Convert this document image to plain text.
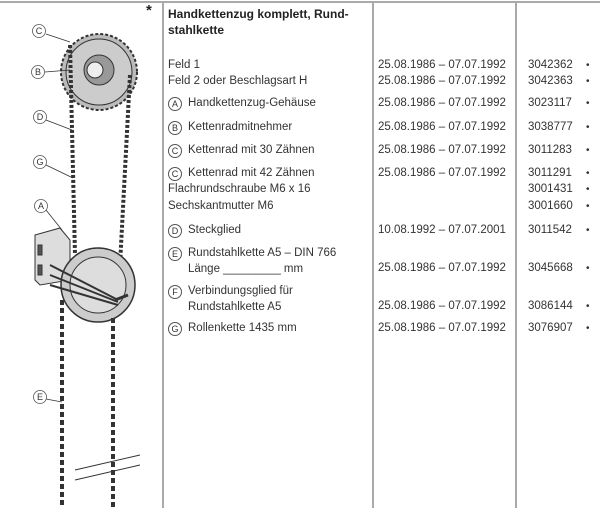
C
B
D
G
A
E
* Handkettenzug komplett, Rund-
stahlkette
Feld 1	25.08.1986 – 07.07.1992 3042362 •
Feld 2 oder Beschlagsart H	25.08.1986 – 07.07.1992 3042363 •
A Handkettenzug-Gehäuse	25.08.1986 – 07.07.1992 3023117 •
B Kettenradmitnehmer	25.08.1986 – 07.07.1992 3038777 •
C Kettenrad mit 30 Zähnen	25.08.1986 – 07.07.1992 3011283 •
C Kettenrad mit 42 Zähnen	25.08.1986 – 07.07.1992 3011291 •
Flachrundschraube M6 x 16	3001431 •
Sechskantmutter M6	3001660 •
D Steckglied	10.08.1992 – 07.07.2001 3011542 •
E Rundstahlkette A5 – DIN 766
Länge _________ mm	25.08.1986 – 07.07.1992 3045668 •
F Verbindungsglied für
Rundstahlkette A5	25.08.1986 – 07.07.1992 3086144 •
G Rollenkette 1435 mm	25.08.1986 – 07.07.1992 3076907 •
